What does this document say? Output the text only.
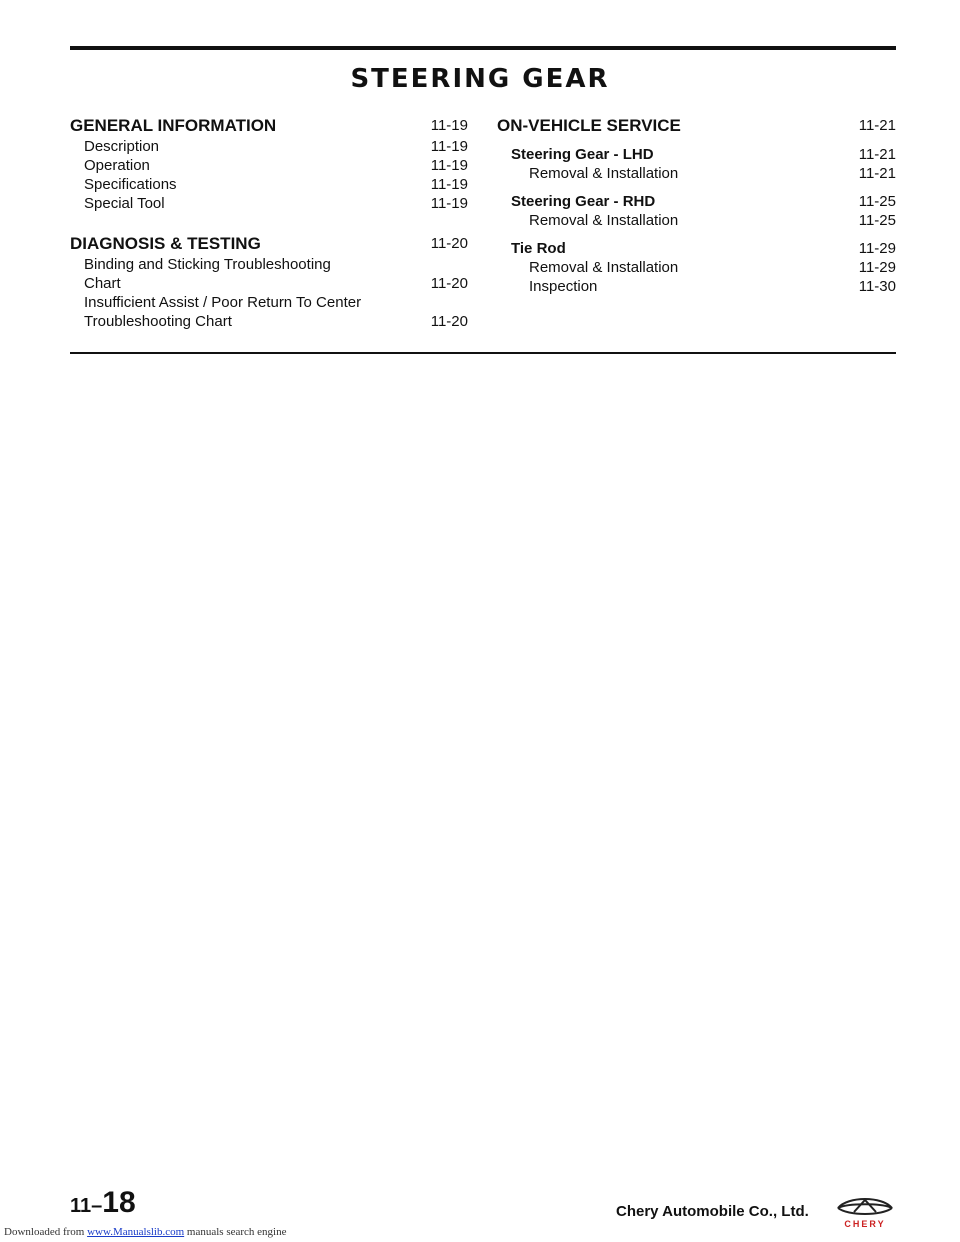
STEERING GEAR
GENERAL INFORMATION	11-19
Description	11-19
Operation	11-19
Specifications	11-19
Special Tool	11-19
DIAGNOSIS & TESTING	11-20
Binding and Sticking Troubleshooting
Chart	11-20
Insufficient Assist / Poor Return To Center
Troubleshooting Chart	11-20
ON-VEHICLE SERVICE	11-21
Steering Gear - LHD	11-21
Removal & Installation	11-21
Steering Gear - RHD	11-25
Removal & Installation	11-25
Tie Rod	11-29
Removal & Installation	11-29
Inspection	11-30
11–18	Chery Automobile Co., Ltd.
CHERY
Downloaded from www.Manualslib.com manuals search engine
